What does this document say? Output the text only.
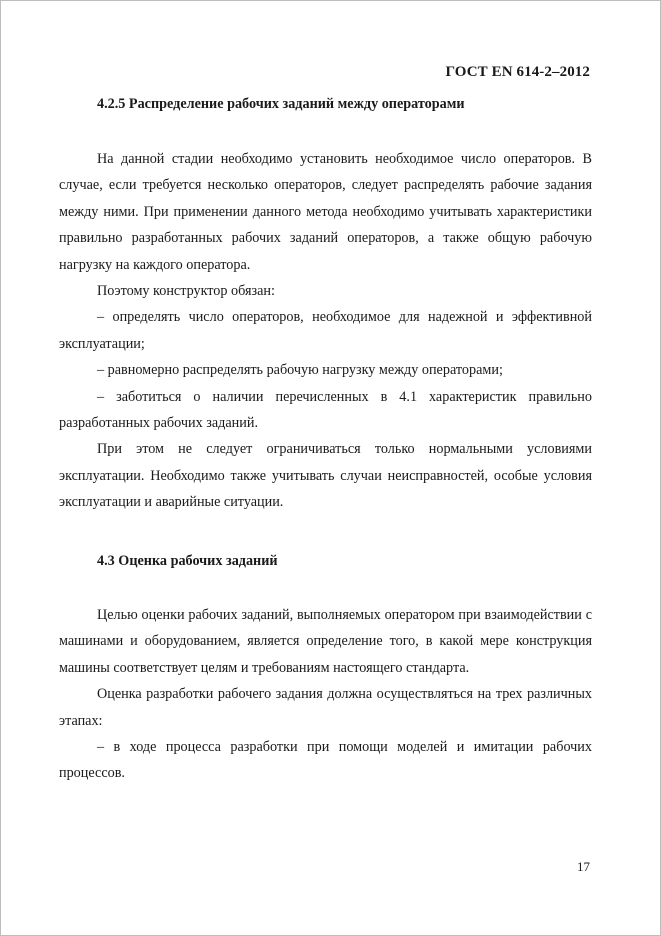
ГОСТ EN 614-2–2012
4.2.5 Распределение рабочих заданий между операторами

На данной стадии необходимо установить необходимое число операторов. В случае, если требуется несколько операторов, следует распределять рабочие задания между ними. При применении данного метода необходимо учитывать характеристики правильно разработанных рабочих заданий операторов, а также общую рабочую нагрузку на каждого оператора.

Поэтому конструктор обязан:

– определять число операторов, необходимое для надежной и эффективной эксплуатации;

– равномерно распределять рабочую нагрузку между операторами;

– заботиться о наличии перечисленных в 4.1 характеристик правильно разработанных рабочих заданий.

При этом не следует ограничиваться только нормальными условиями эксплуатации. Необходимо также учитывать случаи неисправностей, особые условия эксплуатации и аварийные ситуации.

4.3 Оценка рабочих заданий

Целью оценки рабочих заданий, выполняемых оператором при взаимодействии с машинами и оборудованием, является определение того, в какой мере конструкция машины соответствует целям и требованиям настоящего стандарта.

Оценка разработки рабочего задания должна осуществляться на трех различных этапах:

– в ходе процесса разработки при помощи моделей и имитации рабочих процессов.

17
